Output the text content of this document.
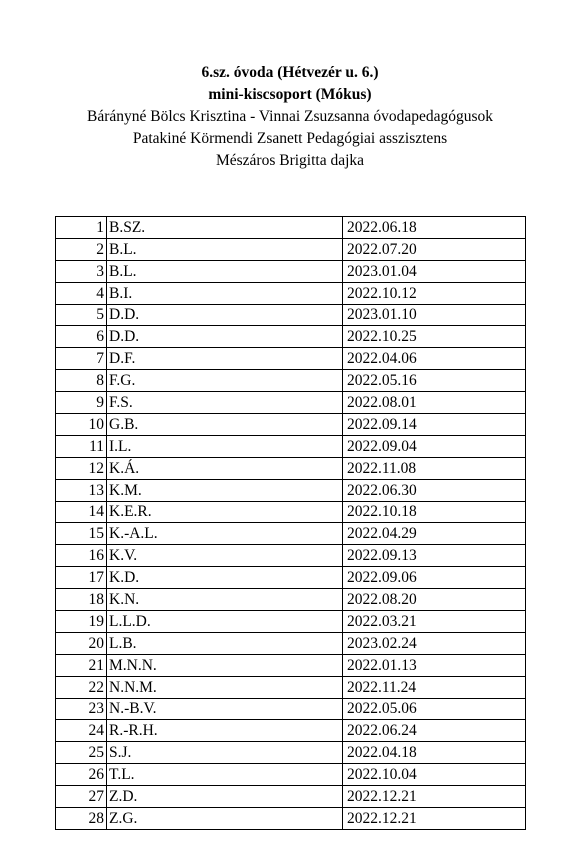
6.sz. óvoda (Hétvezér u. 6.)
mini-kiscsoport (Mókus)
Bárányné Bölcs Krisztina - Vinnai Zsuzsanna óvodapedagógusok
Patakiné Körmendi Zsanett Pedagógiai asszisztens
Mészáros Brigitta dajka
1	B.SZ.	2022.06.18
2	B.L.	2022.07.20
3	B.L.	2023.01.04
4	B.I.	2022.10.12
5	D.D.	2023.01.10
6	D.D.	2022.10.25
7	D.F.	2022.04.06
8	F.G.	2022.05.16
9	F.S.	2022.08.01
10	G.B.	2022.09.14
11	I.L.	2022.09.04
12	K.Á.	2022.11.08
13	K.M.	2022.06.30
14	K.E.R.	2022.10.18
15	K.-A.L.	2022.04.29
16	K.V.	2022.09.13
17	K.D.	2022.09.06
18	K.N.	2022.08.20
19	L.L.D.	2022.03.21
20	L.B.	2023.02.24
21	M.N.N.	2022.01.13
22	N.N.M.	2022.11.24
23	N.-B.V.	2022.05.06
24	R.-R.H.	2022.06.24
25	S.J.	2022.04.18
26	T.L.	2022.10.04
27	Z.D.	2022.12.21
28	Z.G.	2022.12.21
